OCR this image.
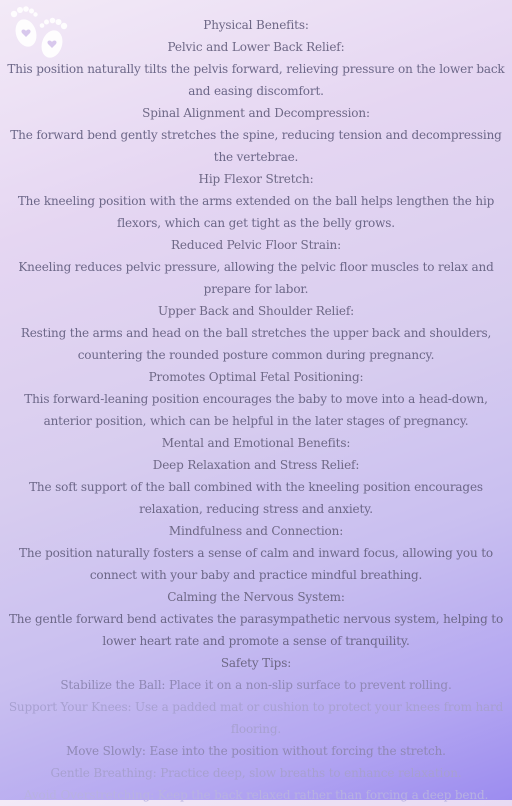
Physical Benefits:
Pelvic and Lower Back Relief:
This position naturally tilts the pelvis forward, relieving pressure on the lower back and easing discomfort.
Spinal Alignment and Decompression:
The forward bend gently stretches the spine, reducing tension and decompressing the vertebrae.
Hip Flexor Stretch:
The kneeling position with the arms extended on the ball helps lengthen the hip flexors, which can get tight as the belly grows.
Reduced Pelvic Floor Strain:
Kneeling reduces pelvic pressure, allowing the pelvic floor muscles to relax and prepare for labor.
Upper Back and Shoulder Relief:
Resting the arms and head on the ball stretches the upper back and shoulders, countering the rounded posture common during pregnancy.
Promotes Optimal Fetal Positioning:
This forward-leaning position encourages the baby to move into a head-down, anterior position, which can be helpful in the later stages of pregnancy.
Mental and Emotional Benefits:
Deep Relaxation and Stress Relief:
The soft support of the ball combined with the kneeling position encourages relaxation, reducing stress and anxiety.
Mindfulness and Connection:
The position naturally fosters a sense of calm and inward focus, allowing you to connect with your baby and practice mindful breathing.
Calming the Nervous System:
The gentle forward bend activates the parasympathetic nervous system, helping to lower heart rate and promote a sense of tranquility.
Safety Tips:
Stabilize the Ball: Place it on a non-slip surface to prevent rolling.
Support Your Knees: Use a padded mat or cushion to protect your knees from hard flooring.
Move Slowly: Ease into the position without forcing the stretch.
Gentle Breathing: Practice deep, slow breaths to enhance relaxation.
Avoid Overstretching: Keep the back relaxed rather than forcing a deep bend.
